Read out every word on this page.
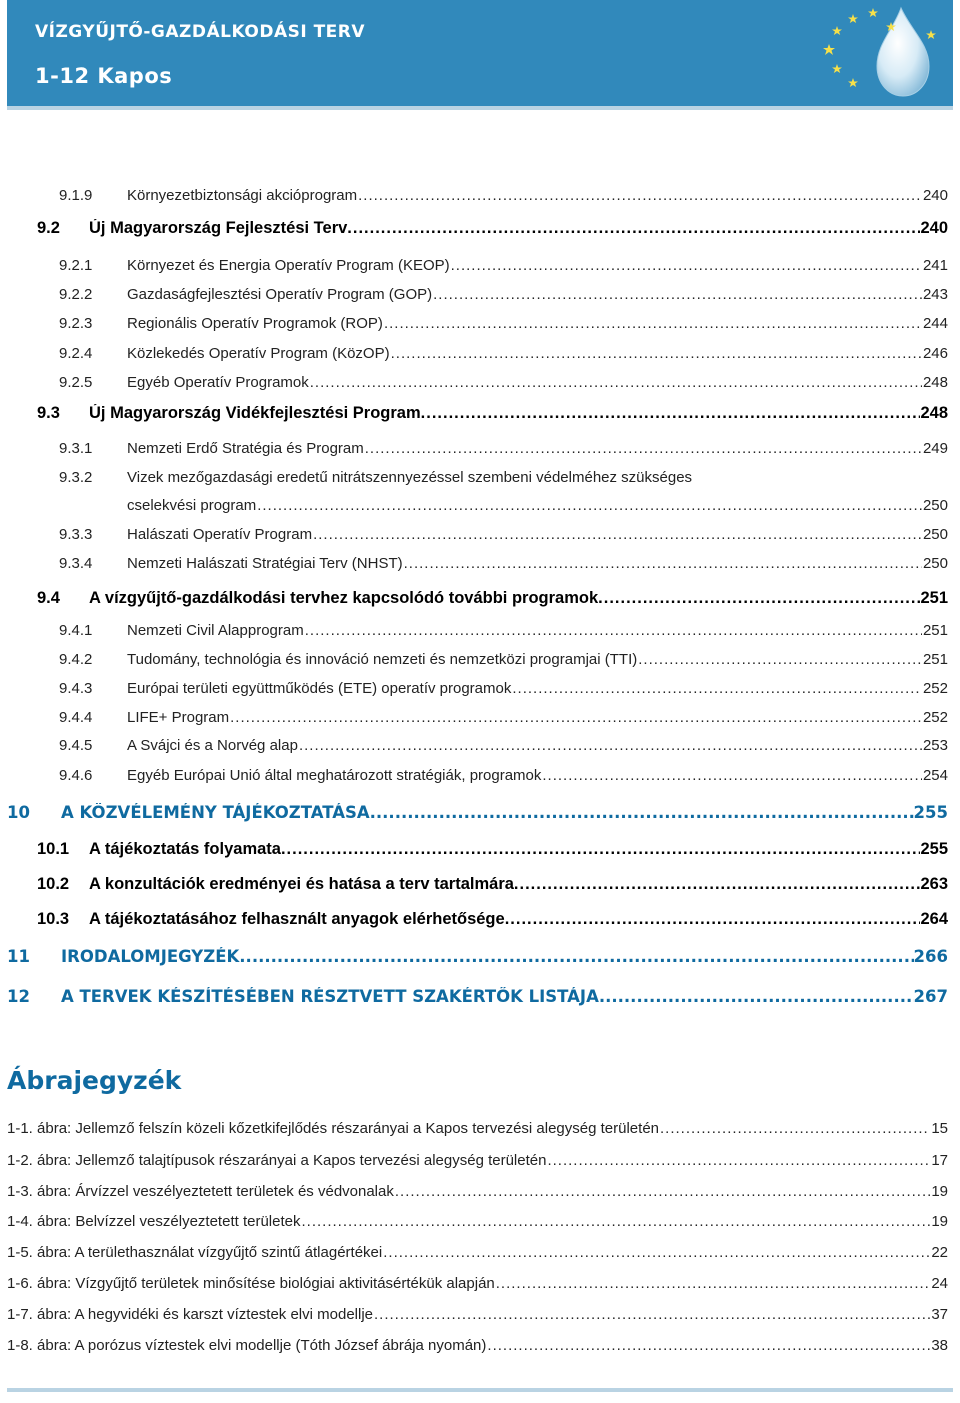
VÍZGYŰJTŐ-GAZDÁLKODÁSI TERV
1-12 Kapos
9.1.9	Környezetbiztonsági akcióprogram .....	240
9.2	Új Magyarország Fejlesztési Terv .....	240
9.2.1	Környezet és Energia Operatív Program (KEOP) .....	241
9.2.2	Gazdaságfejlesztési Operatív Program (GOP) .....	243
9.2.3	Regionális Operatív Programok (ROP) .....	244
9.2.4	Közlekedés Operatív Program (KözOP) .....	246
9.2.5	Egyéb Operatív Programok .....	248
9.3	Új Magyarország Vidékfejlesztési Program .....	248
9.3.1	Nemzeti Erdő Stratégia és Program .....	249
9.3.2	Vizek mezőgazdasági eredetű nitrátszennyezéssel szembeni védelméhez szükséges
cselekvési program .....	250
9.3.3	Halászati Operatív Program .....	250
9.3.4	Nemzeti Halászati Stratégiai Terv (NHST) .....	250
9.4	A vízgyűjtő-gazdálkodási tervhez kapcsolódó további programok .....	251
9.4.1	Nemzeti Civil Alapprogram .....	251
9.4.2	Tudomány, technológia és innováció nemzeti és nemzetközi programjai (TTI) .....	251
9.4.3	Európai területi együttműködés (ETE) operatív programok .....	252
9.4.4	LIFE+ Program .....	252
9.4.5	A Svájci és a Norvég alap .....	253
9.4.6	Egyéb Európai Unió által meghatározott stratégiák, programok .....	254
10	A KÖZVÉLEMÉNY TÁJÉKOZTATÁSA .....	255
10.1	A tájékoztatás folyamata .....	255
10.2	A konzultációk eredményei és hatása a terv tartalmára .....	263
10.3	A tájékoztatásához felhasznált anyagok elérhetősége .....	264
11	IRODALOMJEGYZÉK .....	266
12	A TERVEK KÉSZÍTÉSÉBEN RÉSZTVETT SZAKÉRTŐK LISTÁJA .....	267
Ábrajegyzék
1-1. ábra: Jellemző felszín közeli kőzetkifejlődés részarányai a Kapos tervezési alegység területén .....	15
1-2. ábra: Jellemző talajtípusok részarányai a Kapos tervezési alegység területén .....	17
1-3. ábra: Árvízzel veszélyeztetett területek és védvonalak .....	19
1-4. ábra: Belvízzel veszélyeztetett területek .....	19
1-5. ábra: A területhasználat vízgyűjtő szintű átlagértékei .....	22
1-6. ábra: Vízgyűjtő területek minősítése biológiai aktivitásértékük alapján .....	24
1-7. ábra: A hegyvidéki és karszt víztestek elvi modellje .....	37
1-8. ábra: A porózus víztestek elvi modellje (Tóth József ábrája nyomán) .....	38
